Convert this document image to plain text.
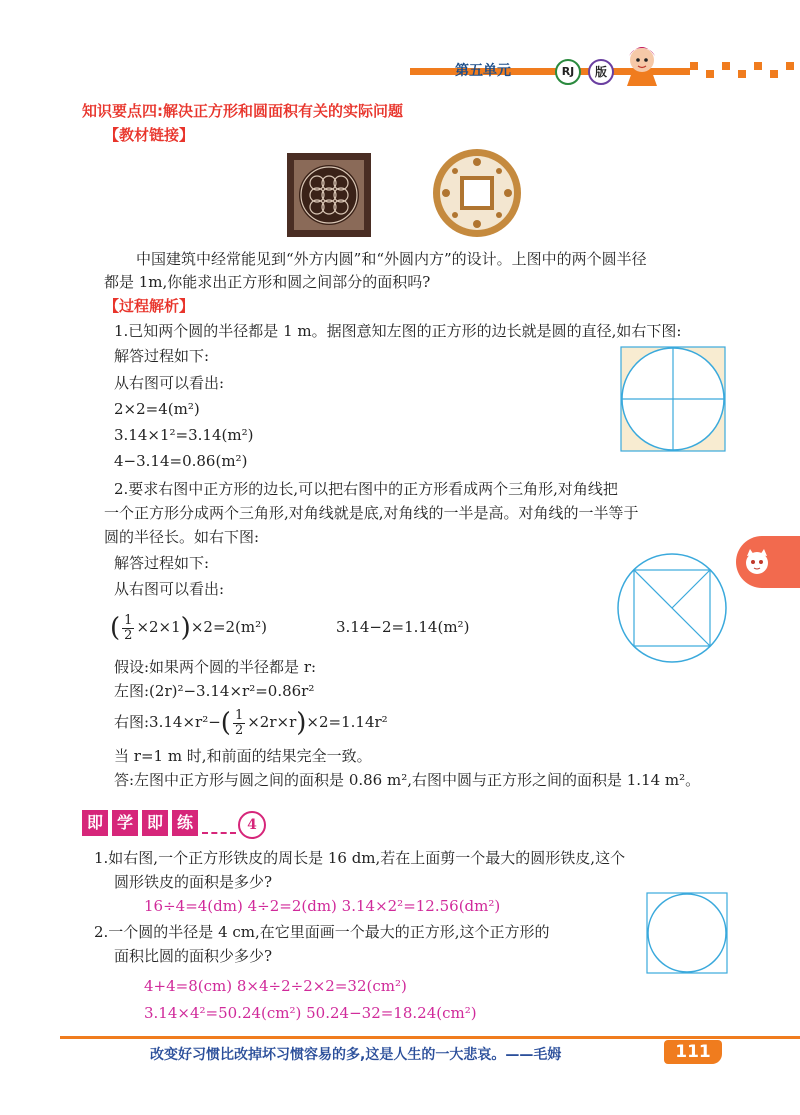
第五单元	RJ	版
知识要点四:解决正方形和圆面积有关的实际问题
【教材链接】
中国建筑中经常能见到“外方内圆”和“外圆内方”的设计。上图中的两个圆半径
都是 1m,你能求出正方形和圆之间部分的面积吗?
【过程解析】
1.已知两个圆的半径都是 1 m。据图意知左图的正方形的边长就是圆的直径,如右下图:
解答过程如下:
从右图可以看出:
2×2=4(m²)
3.14×1²=3.14(m²)
4−3.14=0.86(m²)
2.要求右图中正方形的边长,可以把右图中的正方形看成两个三角形,对角线把
一个正方形分成两个三角形,对角线就是底,对角线的一半是高。对角线的一半等于
圆的半径长。如右下图:
解答过程如下:
从右图可以看出:
( $\frac{1}{2} \times 2\times 1)\times 2=2(m^2)$	3.14−2=1.14(m²)
假设:如果两个圆的半径都是 r:
左图:(2r)²−3.14×r²=0.86r²
右图:3.14×r²−( $\frac{1}{2} \times 2r\times r)\times 2=1.14r^2$
当 r=1 m 时,和前面的结果完全一致。
答:左图中正方形与圆之间的面积是 0.86 m²,右图中圆与正方形之间的面积是 1.14 m²。
即 学 即 练	4
1.如右图,一个正方形铁皮的周长是 16 dm,若在上面剪一个最大的圆形铁皮,这个
圆形铁皮的面积是多少?
16÷4=4(dm) 4÷2=2(dm) 3.14×2²=12.56(dm²)
2.一个圆的半径是 4 cm,在它里面画一个最大的正方形,这个正方形的
面积比圆的面积少多少?
4+4=8(cm) 8×4÷2÷2×2=32(cm²)
3.14×4²=50.24(cm²) 50.24−32=18.24(cm²)
改变好习惯比改掉坏习惯容易的多,这是人生的一大悲哀。——毛姆	111
